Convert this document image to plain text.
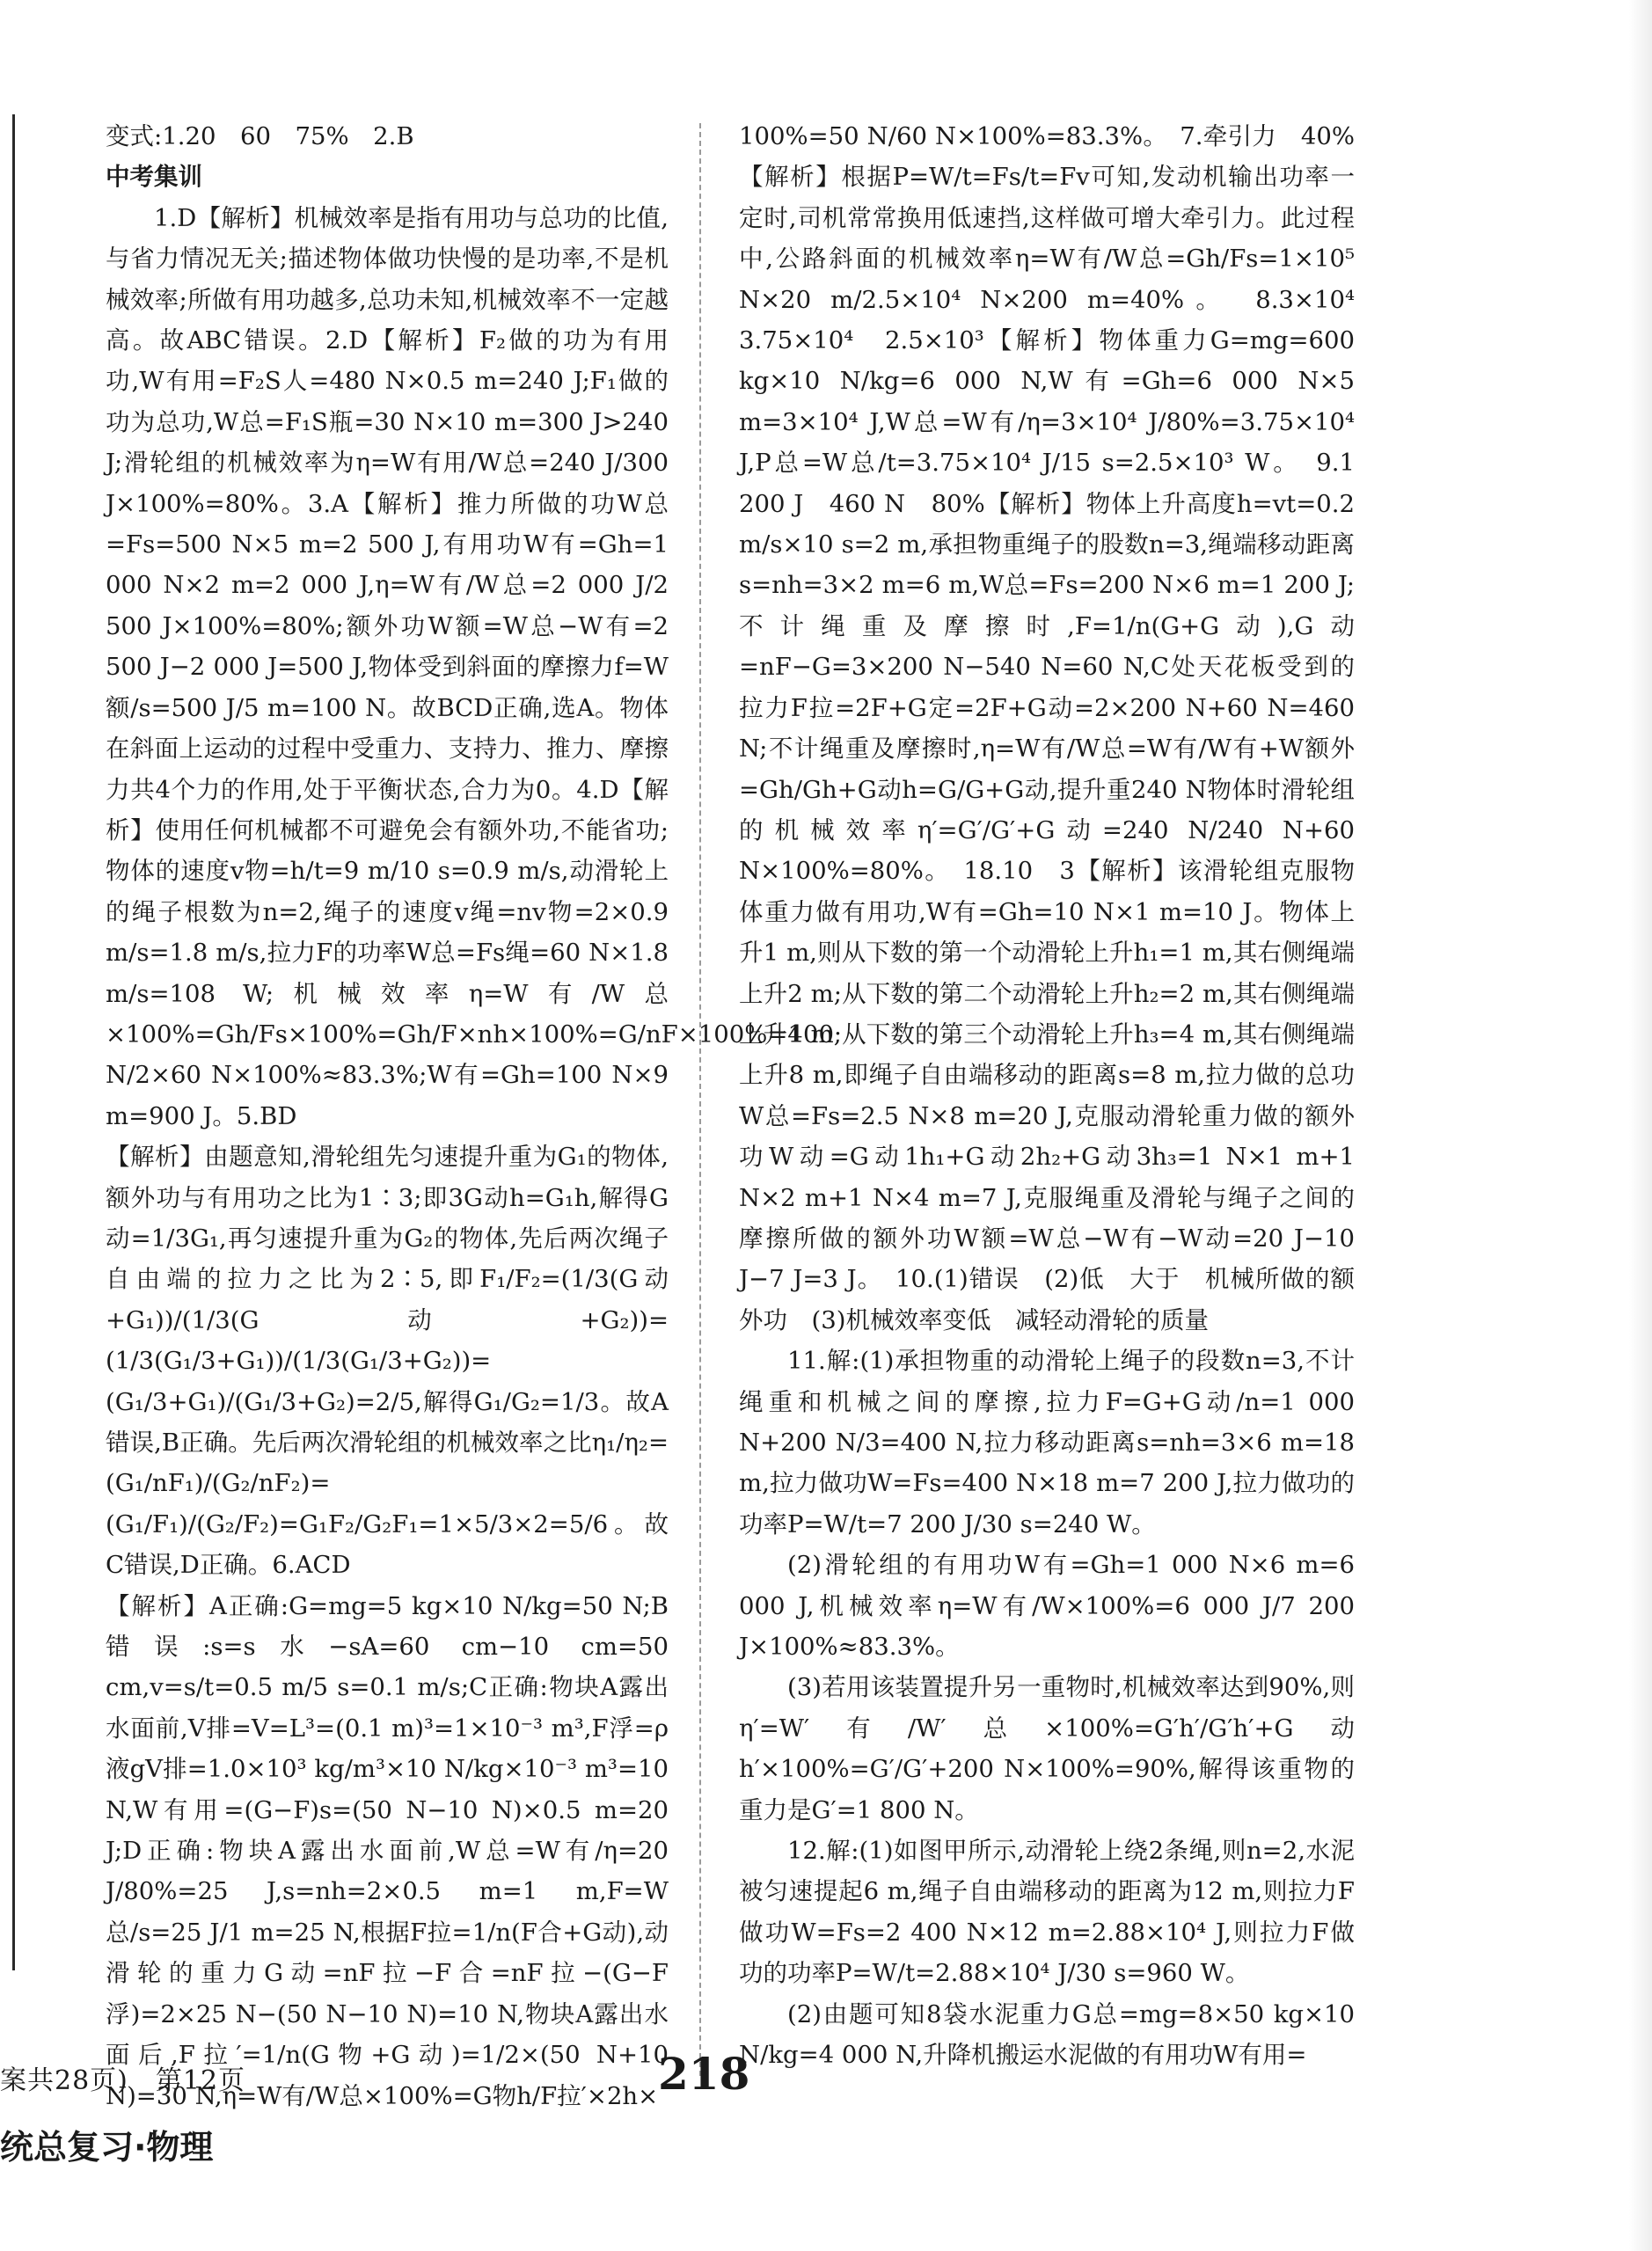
变式:1.20　60　75%　2.B

中考集训

1.D【解析】机械效率是指有用功与总功的比值,与省力情况无关;描述物体做功快慢的是功率,不是机械效率;所做有用功越多,总功未知,机械效率不一定越高。故ABC错误。2.D【解析】F₂做的功为有用功,W有用=F₂S人=480 N×0.5 m=240 J;F₁做的功为总功,W总=F₁S瓶=30 N×10 m=300 J>240 J;滑轮组的机械效率为η=W有用/W总=240 J/300 J×100%=80%。3.A【解析】推力所做的功W总=Fs=500 N×5 m=2 500 J,有用功W有=Gh=1 000 N×2 m=2 000 J,η=W有/W总=2 000 J/2 500 J×100%=80%;额外功W额=W总−W有=2 500 J−2 000 J=500 J,物体受到斜面的摩擦力f=W额/s=500 J/5 m=100 N。故BCD正确,选A。物体在斜面上运动的过程中受重力、支持力、推力、摩擦力共4个力的作用,处于平衡状态,合力为0。4.D【解析】使用任何机械都不可避免会有额外功,不能省功;物体的速度v物=h/t=9 m/10 s=0.9 m/s,动滑轮上的绳子根数为n=2,绳子的速度v绳=nv物=2×0.9 m/s=1.8 m/s,拉力F的功率W总=Fs绳=60 N×1.8 m/s=108 W;机械效率η=W有/W总×100%=Gh/Fs×100%=Gh/F×nh×100%=G/nF×100%=100 N/2×60 N×100%≈83.3%;W有=Gh=100 N×9 m=900 J。5.BD

【解析】由题意知,滑轮组先匀速提升重为G₁的物体,额外功与有用功之比为1∶3;即3G动h=G₁h,解得G动=1/3G₁,再匀速提升重为G₂的物体,先后两次绳子自由端的拉力之比为2∶5,即F₁/F₂=(1/3(G动+G₁))/(1/3(G动+G₂))=(1/3(G₁/3+G₁))/(1/3(G₁/3+G₂))=(G₁/3+G₁)/(G₁/3+G₂)=2/5,解得G₁/G₂=1/3。故A错误,B正确。先后两次滑轮组的机械效率之比η₁/η₂=(G₁/nF₁)/(G₂/nF₂)=(G₁/F₁)/(G₂/F₂)=G₁F₂/G₂F₁=1×5/3×2=5/6。故C错误,D正确。6.ACD

【解析】A正确:G=mg=5 kg×10 N/kg=50 N;B错误:s=s水−sA=60 cm−10 cm=50 cm,v=s/t=0.5 m/5 s=0.1 m/s;C正确:物块A露出水面前,V排=V=L³=(0.1 m)³=1×10⁻³ m³,F浮=ρ液gV排=1.0×10³ kg/m³×10 N/kg×10⁻³ m³=10 N,W有用=(G−F)s=(50 N−10 N)×0.5 m=20 J;D正确:物块A露出水面前,W总=W有/η=20 J/80%=25 J,s=nh=2×0.5 m=1 m,F=W总/s=25 J/1 m=25 N,根据F拉=1/n(F合+G动),动滑轮的重力G动=nF拉−F合=nF拉−(G−F浮)=2×25 N−(50 N−10 N)=10 N,物块A露出水面后,F拉′=1/n(G物+G动)=1/2×(50 N+10 N)=30 N,η=W有/W总×100%=G物h/F拉′×2h×

100%=50 N/60 N×100%=83.3%。　7.牵引力　40%【解析】根据P=W/t=Fs/t=Fv可知,发动机输出功率一定时,司机常常换用低速挡,这样做可增大牵引力。此过程中,公路斜面的机械效率η=W有/W总=Gh/Fs=1×10⁵ N×20 m/2.5×10⁴ N×200 m=40%。　8.3×10⁴　3.75×10⁴　2.5×10³【解析】物体重力G=mg=600 kg×10 N/kg=6 000 N,W有=Gh=6 000 N×5 m=3×10⁴ J,W总=W有/η=3×10⁴ J/80%=3.75×10⁴ J,P总=W总/t=3.75×10⁴ J/15 s=2.5×10³ W。　9.1 200 J　460 N　80%【解析】物体上升高度h=vt=0.2 m/s×10 s=2 m,承担物重绳子的股数n=3,绳端移动距离s=nh=3×2 m=6 m,W总=Fs=200 N×6 m=1 200 J;不计绳重及摩擦时,F=1/n(G+G动),G动=nF−G=3×200 N−540 N=60 N,C处天花板受到的拉力F拉=2F+G定=2F+G动=2×200 N+60 N=460 N;不计绳重及摩擦时,η=W有/W总=W有/W有+W额外=Gh/Gh+G动h=G/G+G动,提升重240 N物体时滑轮组的机械效率η′=G′/G′+G动=240 N/240 N+60 N×100%=80%。　18.10　3【解析】该滑轮组克服物体重力做有用功,W有=Gh=10 N×1 m=10 J。物体上升1 m,则从下数的第一个动滑轮上升h₁=1 m,其右侧绳端上升2 m;从下数的第二个动滑轮上升h₂=2 m,其右侧绳端上升4 m;从下数的第三个动滑轮上升h₃=4 m,其右侧绳端上升8 m,即绳子自由端移动的距离s=8 m,拉力做的总功W总=Fs=2.5 N×8 m=20 J,克服动滑轮重力做的额外功W动=G动1h₁+G动2h₂+G动3h₃=1 N×1 m+1 N×2 m+1 N×4 m=7 J,克服绳重及滑轮与绳子之间的摩擦所做的额外功W额=W总−W有−W动=20 J−10 J−7 J=3 J。　10.(1)错误　(2)低　大于　机械所做的额外功　(3)机械效率变低　减轻动滑轮的质量

11.解:(1)承担物重的动滑轮上绳子的段数n=3,不计绳重和机械之间的摩擦,拉力F=G+G动/n=1 000 N+200 N/3=400 N,拉力移动距离s=nh=3×6 m=18 m,拉力做功W=Fs=400 N×18 m=7 200 J,拉力做功的功率P=W/t=7 200 J/30 s=240 W。

(2)滑轮组的有用功W有=Gh=1 000 N×6 m=6 000 J,机械效率η=W有/W×100%=6 000 J/7 200 J×100%≈83.3%。

(3)若用该装置提升另一重物时,机械效率达到90%,则η′=W′有/W′总×100%=G′h′/G′h′+G动h′×100%=G′/G′+200 N×100%=90%,解得该重物的重力是G′=1 800 N。

12.解:(1)如图甲所示,动滑轮上绕2条绳,则n=2,水泥被匀速提起6 m,绳子自由端移动的距离为12 m,则拉力F做功W=Fs=2 400 N×12 m=2.88×10⁴ J,则拉力F做功的功率P=W/t=2.88×10⁴ J/30 s=960 W。

(2)由题可知8袋水泥重力G总=mg=8×50 kg×10 N/kg=4 000 N,升降机搬运水泥做的有用功W有用=

案共28页)　第12页
统总复习·物理
218
